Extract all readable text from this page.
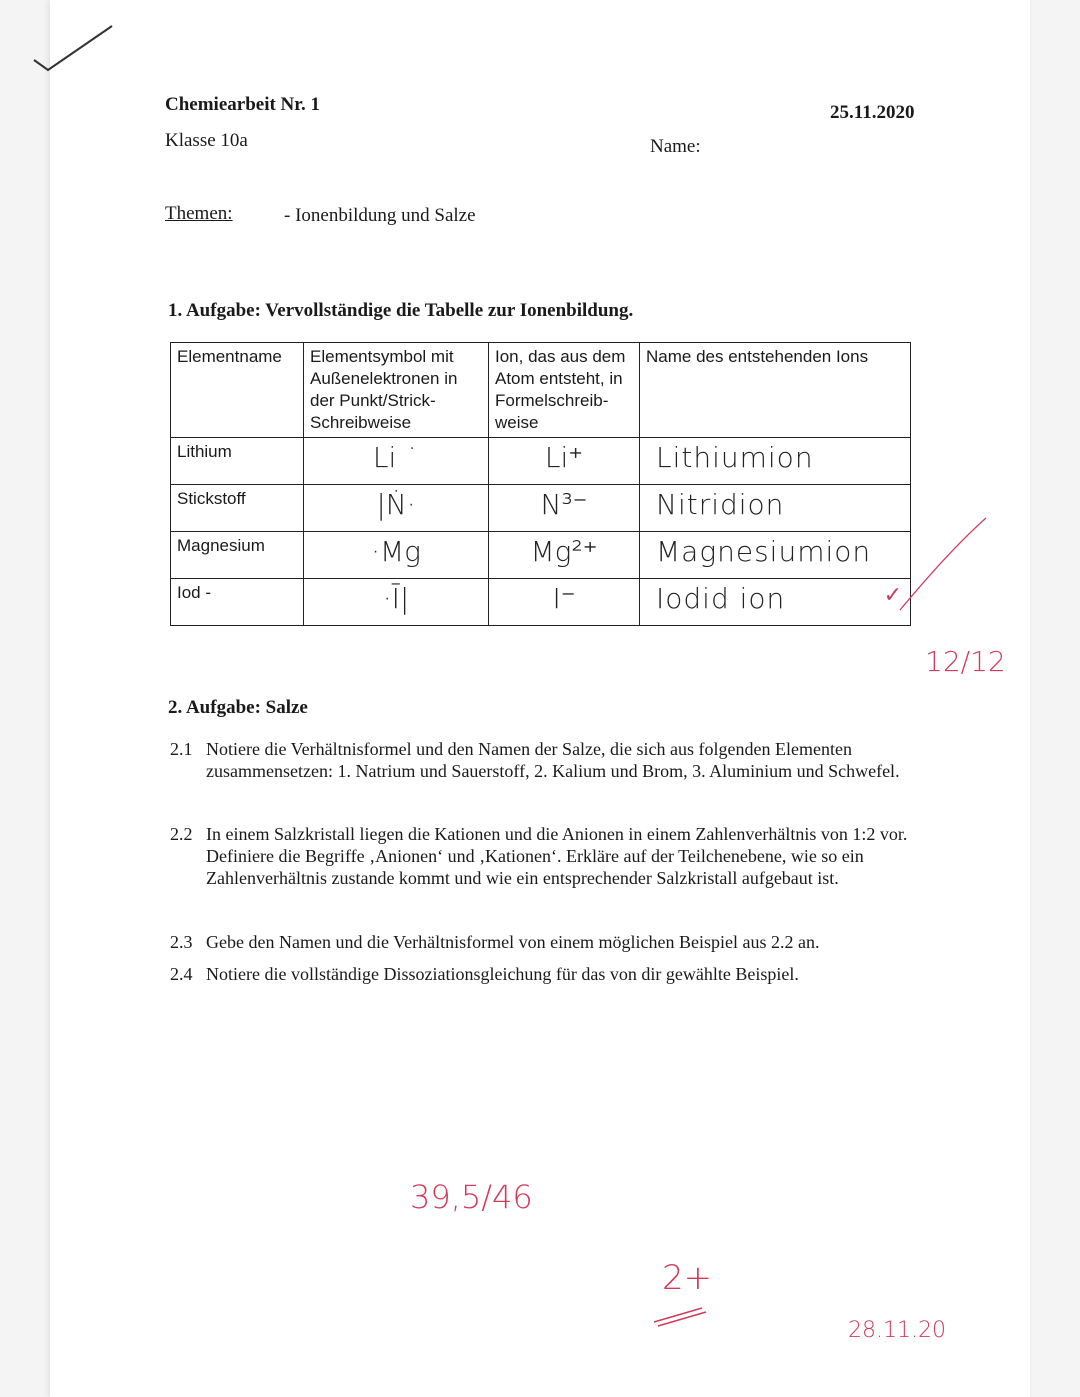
Chemiearbeit Nr. 1	25.11.2020
Klasse 10a	Name:
Themen:	- Ionenbildung und Salze
1. Aufgabe: Vervollständige die Tabelle zur Ionenbildung.
Elementname	Elementsymbol mit Außenelektronen in der Punkt/Strick-Schreibweise	Ion, das aus dem Atom entsteht, in Formelschreib-weise	Name des entstehenden Ions
Lithium	Li ˙	Li⁺	Lithiumion

Stickstoff	|Ṅ·	N³⁻	Nitridion

Magnesium	·Mg	Mg²⁺	Magnesiumion

Iod -	·Ī|	I⁻	Iodid ion ✓
12/12
2. Aufgabe: Salze
2.1 Notiere die Verhältnisformel und den Namen der Salze, die sich aus folgenden Elementen zusammensetzen: 1. Natrium und Sauerstoff, 2. Kalium und Brom, 3. Aluminium und Schwefel.
2.2 In einem Salzkristall liegen die Kationen und die Anionen in einem Zahlenverhältnis von 1:2 vor. Definiere die Begriffe ‚Anionen‘ und ‚Kationen‘. Erkläre auf der Teilchenebene, wie so ein Zahlenverhältnis zustande kommt und wie ein entsprechender Salzkristall aufgebaut ist.
2.3 Gebe den Namen und die Verhältnisformel von einem möglichen Beispiel aus 2.2 an.
2.4 Notiere die vollständige Dissoziationsgleichung für das von dir gewählte Beispiel.
39,5/46
2+
28.11.20
